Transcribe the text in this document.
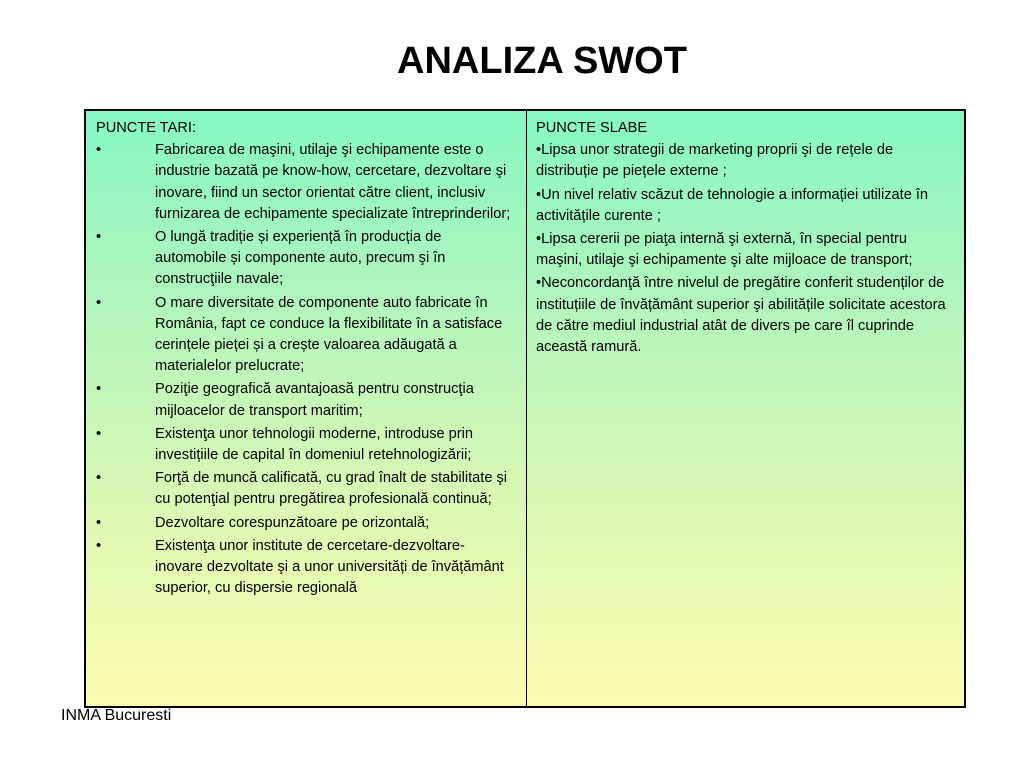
ANALIZA SWOT
PUNCTE TARI:
•	Fabricarea de maşini, utilaje şi echipamente este o industrie bazată pe know-how, cercetare, dezvoltare şi inovare, fiind un sector orientat către client, inclusiv furnizarea de echipamente specializate întreprinderilor;
•	O lungă tradiție și experiență în producția de automobile și componente auto, precum şi în construcţiile navale;
•	O mare diversitate de componente auto fabricate în România, fapt ce conduce la flexibilitate în a satisface cerințele pieței și a crește valoarea adăugată a materialelor prelucrate;
•	Poziţie geografică avantajoasă pentru construcţia mijloacelor de transport maritim;
•	Existenţa unor tehnologii moderne, introduse prin investițiile de capital în domeniul retehnologizării;
•	Forţă de muncă calificată, cu grad înalt de stabilitate şi cu potenţial pentru pregătirea profesională continuă;
•	Dezvoltare corespunzătoare pe orizontală;
•	Existenţa unor institute de cercetare-dezvoltare- inovare dezvoltate şi a unor universități de învățământ superior, cu dispersie regională
PUNCTE SLABE
•Lipsa unor strategii de marketing proprii şi de rețele de distribuție pe piețele externe ;
•Un nivel relativ scăzut de tehnologie a informației utilizate în activitățile curente ;
•Lipsa cererii pe piaţa internă şi externă, în special pentru maşini, utilaje şi echipamente şi alte mijloace de transport;
•Neconcordanţă între nivelul de pregătire conferit studenților de instituțiile de învățământ superior şi abilitățile solicitate acestora de către mediul industrial atât de divers pe care îl cuprinde această ramură.
INMA Bucuresti
